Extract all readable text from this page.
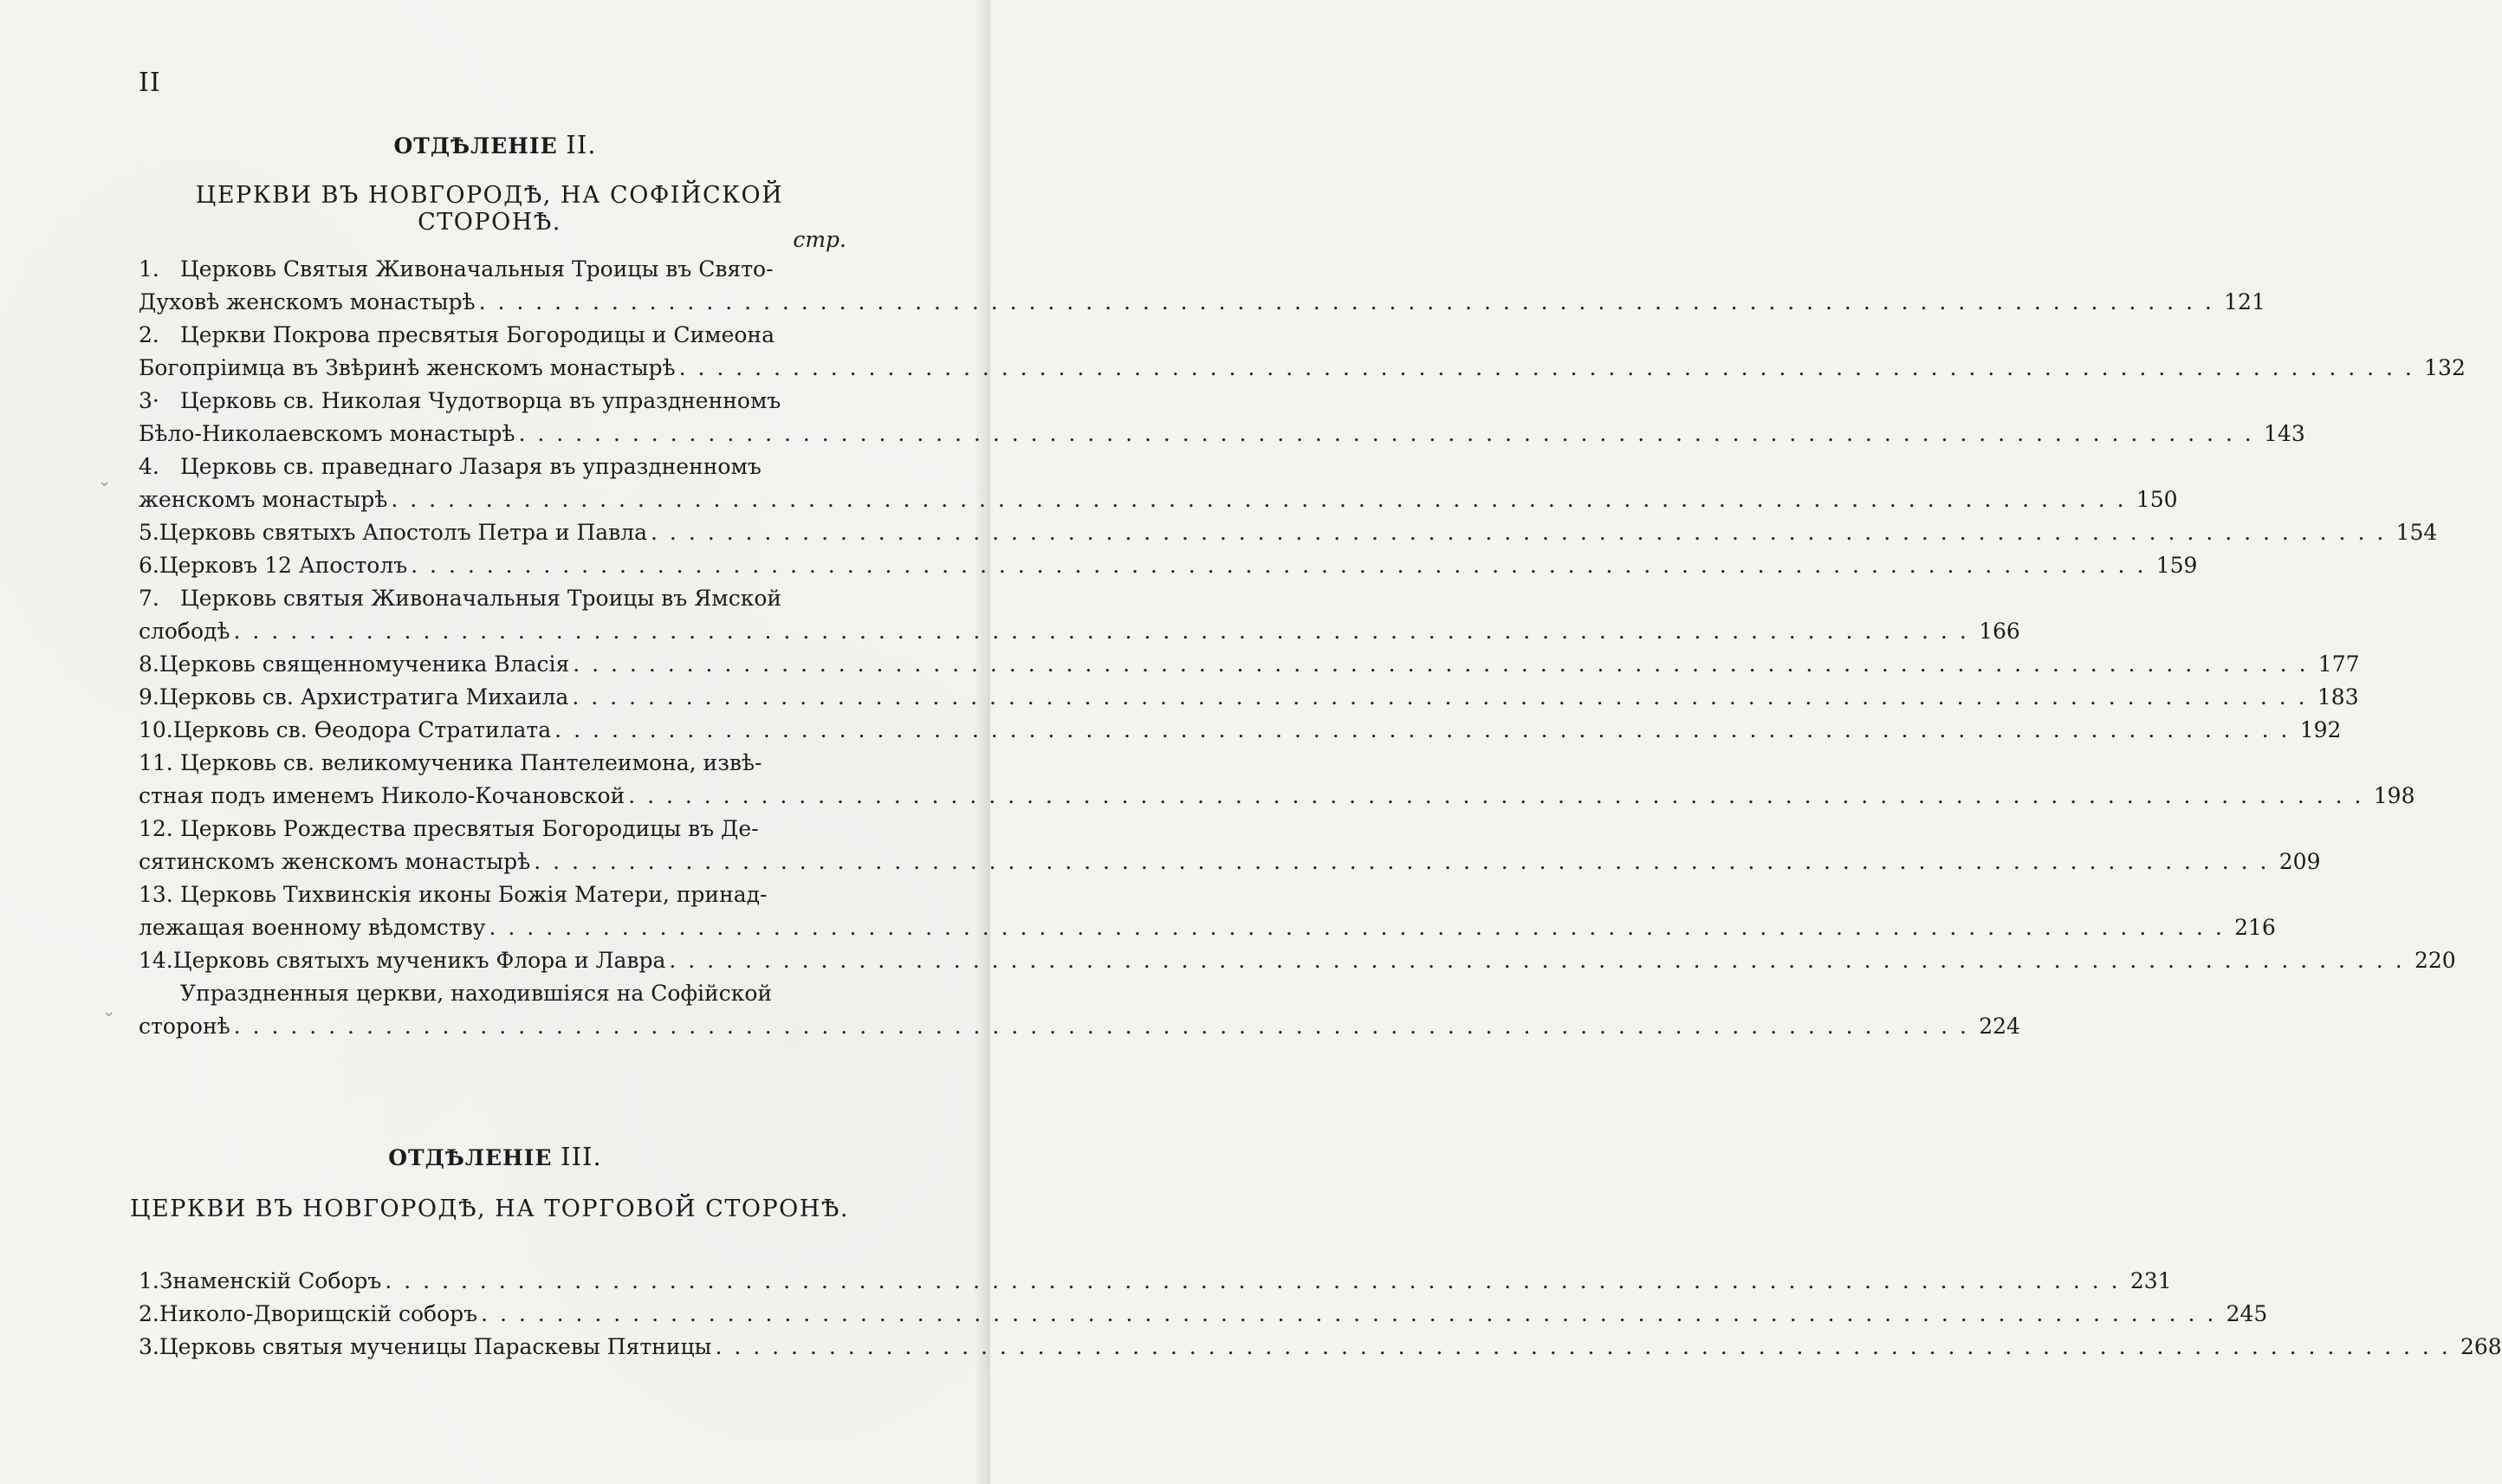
II
ОТДѢЛЕНІЕ II.
ЦЕРКВИ ВЪ НОВГОРОДѢ, НА СОФІЙСКОЙ СТОРОНѢ.
стр.
1. Церковь Святыя Живоначальныя Троицы въ Свято-
Духовѣ женскомъ монастырѣ . . .	121
2. Церкви Покрова пресвятыя Богородицы и Симеона
Богопріимца въ Звѣринѣ женскомъ монастырѣ . . .	132
3· Церковь св. Николая Чудотворца въ упраздненномъ
Бѣло-Николаевскомъ монастырѣ . . .	143
4. Церковь св. праведнаго Лазаря въ упраздненномъ
женскомъ монастырѣ . . .	150
5. Церковь святыхъ Апостолъ Петра и Павла . . .	154
6. Церковъ 12 Апостолъ . . .	159
7. Церковь святыя Живоначальныя Троицы въ Ямской
слободѣ . . .	166
8. Церковь священномученика Власія . . .	177
9. Церковь св. Архистратига Михаила . . .	183
10. Церковь св. Ѳеодора Стратилата . . .	192
11. Церковь св. великомученика Пантелеимона, извѣ-
стная подъ именемъ Николо-Кочановской . . .	198
12. Церковь Рождества пресвятыя Богородицы въ Де-
сятинскомъ женскомъ монастырѣ . . .	209
13. Церковь Тихвинскія иконы Божія Матери, принад-
лежащая военному вѣдомству . . .	216
14. Церковь святыхъ мученикъ Флора и Лавра . . .	220
Упраздненныя церкви, находившіяся на Софійской
сторонѣ . . .	224
ОТДѢЛЕНІЕ III.
ЦЕРКВИ ВЪ НОВГОРОДѢ, НА ТОРГОВОЙ СТОРОНѢ.
1. Знаменскій Соборъ . . .	231
2. Николо-Дворищскій соборъ . . .	245
3. Церковь святыя мученицы Параскевы Пятницы . . .	268
⌄
⌄
